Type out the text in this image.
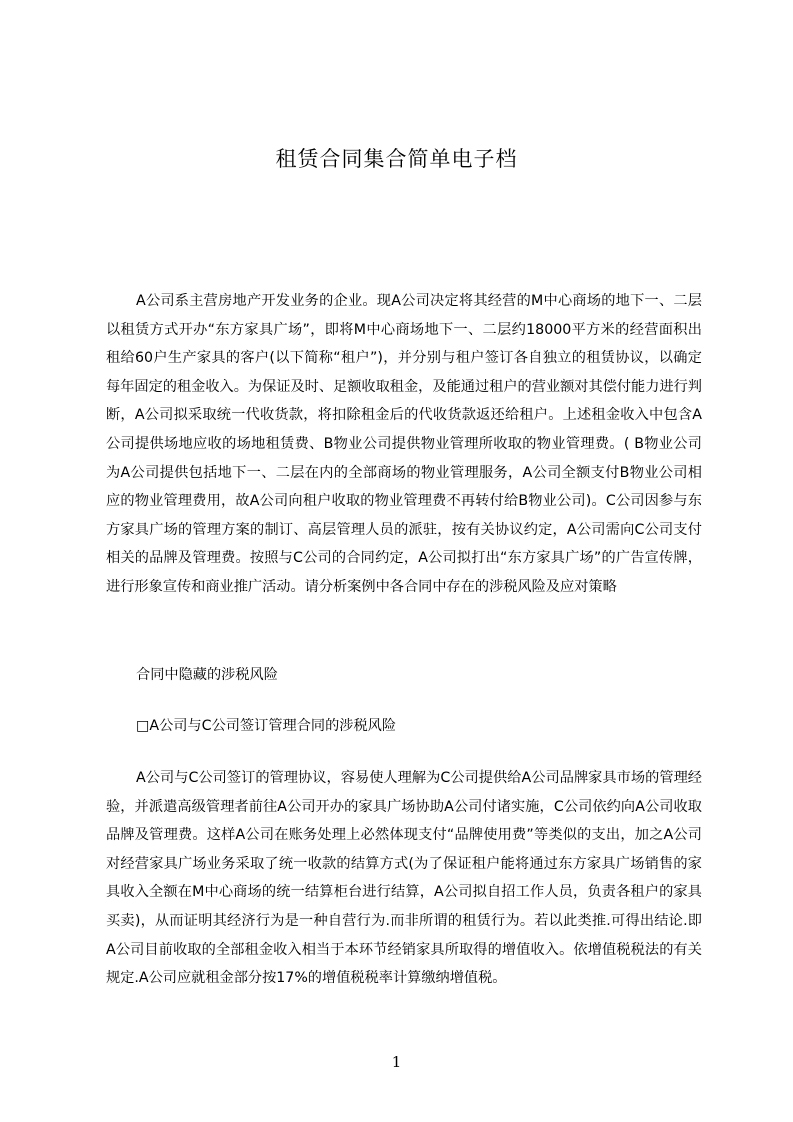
租赁合同集合简单电子档
A公司系主营房地产开发业务的企业。现A公司决定将其经营的M中心商场的地下一、二层以租赁方式开办“东方家具广场”，即将M中心商场地下一、二层约18000平方米的经营面积出租给60户生产家具的客户(以下简称“租户”)，并分别与租户签订各自独立的租赁协议，以确定每年固定的租金收入。为保证及时、足额收取租金，及能通过租户的营业额对其偿付能力进行判断，A公司拟采取统一代收货款，将扣除租金后的代收货款返还给租户。上述租金收入中包含A公司提供场地应收的场地租赁费、B物业公司提供物业管理所收取的物业管理费。( B物业公司为A公司提供包括地下一、二层在内的全部商场的物业管理服务，A公司全额支付B物业公司相应的物业管理费用，故A公司向租户收取的物业管理费不再转付给B物业公司)。C公司因参与东方家具广场的管理方案的制订、高层管理人员的派驻，按有关协议约定，A公司需向C公司支付相关的品牌及管理费。按照与C公司的合同约定，A公司拟打出“东方家具广场”的广告宣传牌，进行形象宣传和商业推广活动。请分析案例中各合同中存在的涉税风险及应对策略
合同中隐藏的涉税风险
□A公司与C公司签订管理合同的涉税风险
A公司与C公司签订的管理协议，容易使人理解为C公司提供给A公司品牌家具市场的管理经验，并派遣高级管理者前往A公司开办的家具广场协助A公司付诸实施，C公司依约向A公司收取品牌及管理费。这样A公司在账务处理上必然体现支付“品牌使用费”等类似的支出，加之A公司对经营家具广场业务采取了统一收款的结算方式(为了保证租户能将通过东方家具广场销售的家具收入全额在M中心商场的统一结算柜台进行结算，A公司拟自招工作人员，负责各租户的家具买卖)，从而证明其经济行为是一种自营行为.而非所谓的租赁行为。若以此类推.可得出结论.即A公司目前收取的全部租金收入相当于本环节经销家具所取得的增值收入。依增值税税法的有关规定.A公司应就租金部分按17%的增值税税率计算缴纳增值税。
1
